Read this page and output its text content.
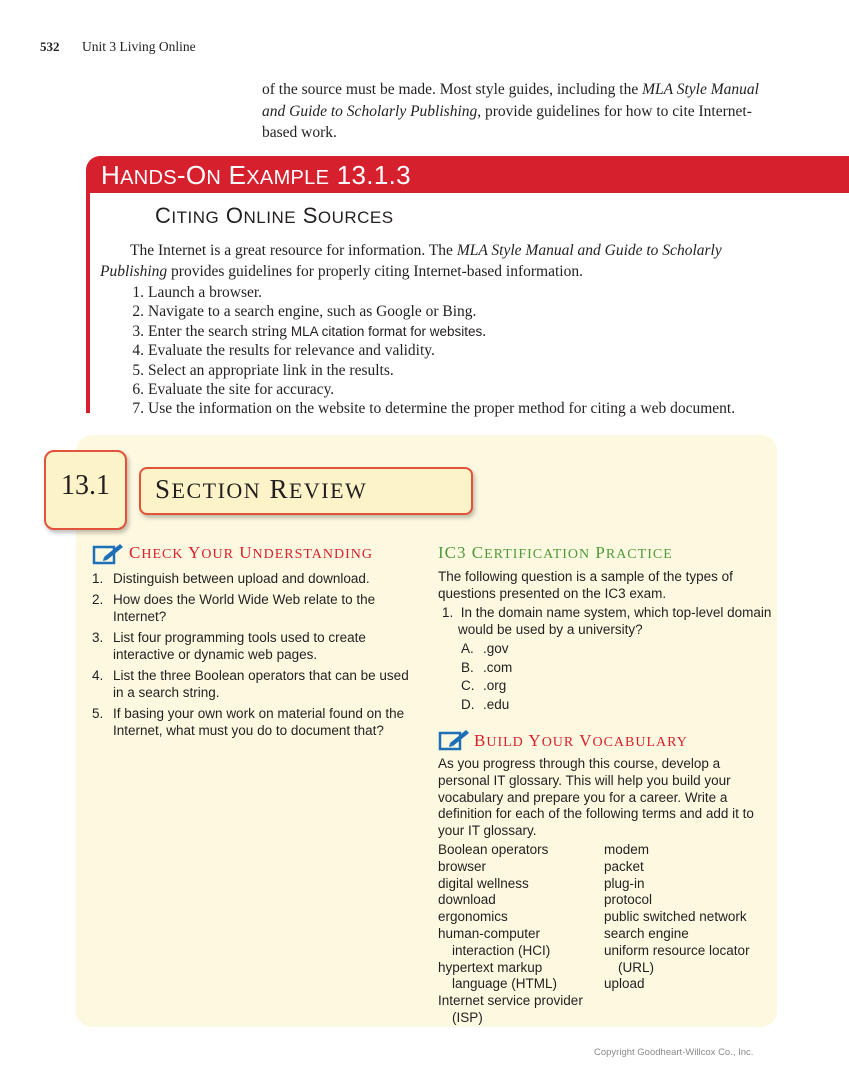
532 Unit 3 Living Online

of the source must be made. Most style guides, including the MLA Style Manual and Guide to Scholarly Publishing, provide guidelines for how to cite Internet-based work.

HANDS-ON EXAMPLE 13.1.3
CITING ONLINE SOURCES

The Internet is a great resource for information. The MLA Style Manual and Guide to Scholarly Publishing provides guidelines for properly citing Internet-based information.

1. Launch a browser.
2. Navigate to a search engine, such as Google or Bing.
3. Enter the search string MLA citation format for websites.
4. Evaluate the results for relevance and validity.
5. Select an appropriate link in the results.
6. Evaluate the site for accuracy.
7. Use the information on the website to determine the proper method for citing a web document.
13.1	SECTION REVIEW
CHECK YOUR UNDERSTANDING
1. Distinguish between upload and download.
2. How does the World Wide Web relate to the Internet?
3. List four programming tools used to create interactive or dynamic web pages.
4. List the three Boolean operators that can be used in a search string.
5. If basing your own work on material found on the Internet, what must you do to document that?
IC3 CERTIFICATION PRACTICE

The following question is a sample of the types of questions presented on the IC3 exam.

1. In the domain name system, which top-level domain would be used by a university?
A. .gov
B. .com
C. .org
D. .edu
BUILD YOUR VOCABULARY

As you progress through this course, develop a personal IT glossary. This will help you build your vocabulary and prepare you for a career. Write a definition for each of the following terms and add it to your IT glossary.

Boolean operators
browser
digital wellness
download
ergonomics
human-computer
interaction (HCI)
hypertext markup
language (HTML)
Internet service provider
(ISP)
modem
packet
plug-in
protocol
public switched network
search engine
uniform resource locator
(URL)
upload
Copyright Goodheart-Willcox Co., Inc.
